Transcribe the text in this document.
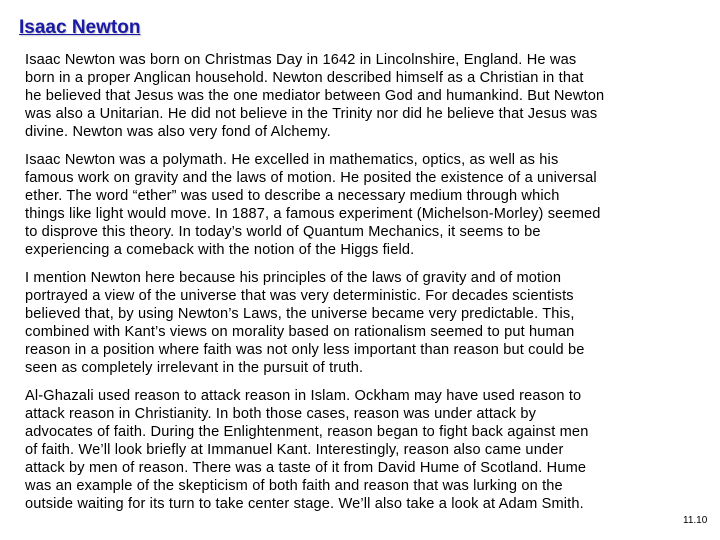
Isaac Newton

Isaac Newton was born on Christmas Day in 1642 in Lincolnshire, England. He was
born in a proper Anglican household. Newton described himself as a Christian in that
he believed that Jesus was the one mediator between God and humankind. But Newton
was also a Unitarian. He did not believe in the Trinity nor did he believe that Jesus was
divine. Newton was also very fond of Alchemy.

Isaac Newton was a polymath. He excelled in mathematics, optics, as well as his
famous work on gravity and the laws of motion. He posited the existence of a universal
ether. The word “ether” was used to describe a necessary medium through which
things like light would move. In 1887, a famous experiment (Michelson-Morley) seemed
to disprove this theory. In today’s world of Quantum Mechanics, it seems to be
experiencing a comeback with the notion of the Higgs field.

I mention Newton here because his principles of the laws of gravity and of motion
portrayed a view of the universe that was very deterministic. For decades scientists
believed that, by using Newton’s Laws, the universe became very predictable. This,
combined with Kant’s views on morality based on rationalism seemed to put human
reason in a position where faith was not only less important than reason but could be
seen as completely irrelevant in the pursuit of truth.

Al-Ghazali used reason to attack reason in Islam. Ockham may have used reason to
attack reason in Christianity. In both those cases, reason was under attack by
advocates of faith. During the Enlightenment, reason began to fight back against men
of faith. We’ll look briefly at Immanuel Kant. Interestingly, reason also came under
attack by men of reason. There was a taste of it from David Hume of Scotland. Hume
was an example of the skepticism of both faith and reason that was lurking on the
outside waiting for its turn to take center stage. We’ll also take a look at Adam Smith.

11.10
